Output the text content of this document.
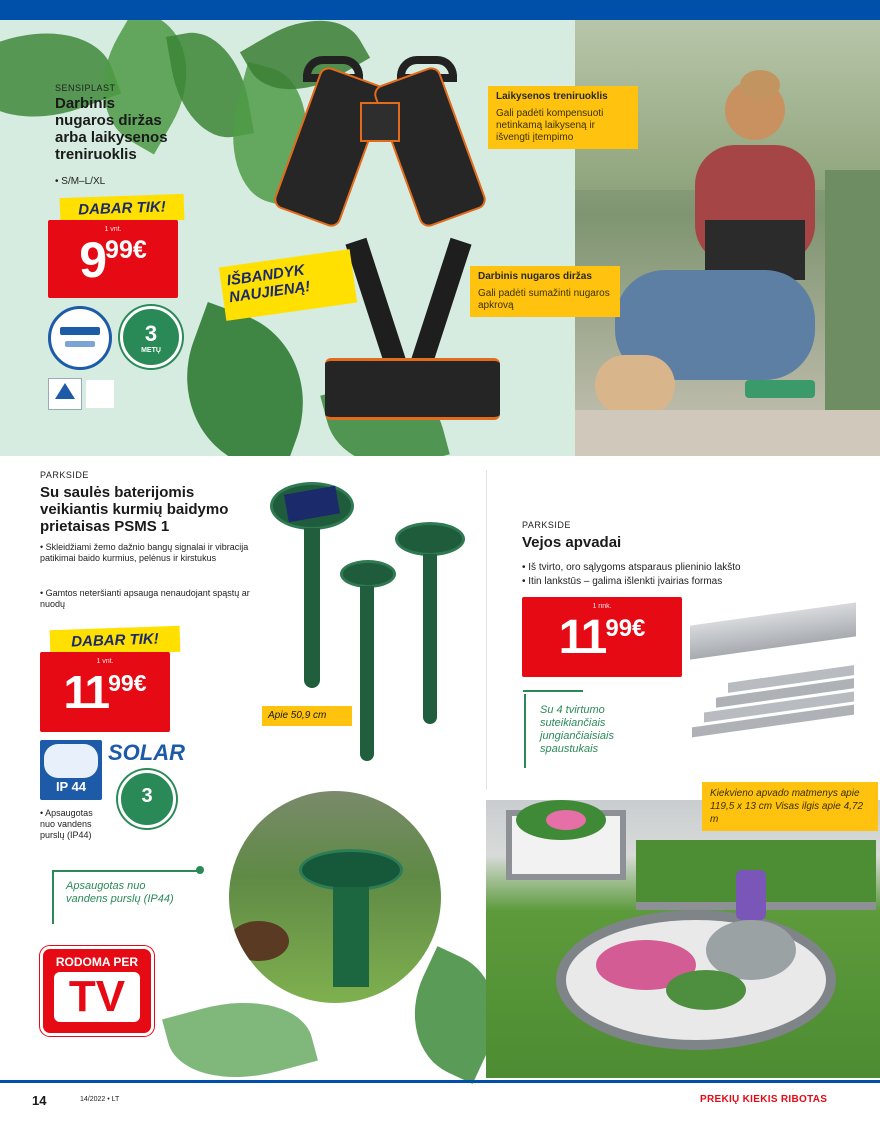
SENSIPLAST
Darbinis
nugaros diržas
arba laikysenos
treniruoklis
• S/M–L/XL
DABAR TIK!
1 vnt.
$9^{99€}$
3
METŲ
IŠBANDYK NAUJIENĄ!
Laikysenos treniruoklis
Gali padėti kompensuoti netinkamą laikyseną ir išvengti įtempimo
Darbinis nugaros diržas
Gali padėti sumažinti nugaros apkrovą
PARKSIDE
Su saulės baterijomis
veikiantis kurmių baidymo
prietaisas PSMS 1
• Skleidžiami žemo dažnio bangų signalai ir vibracija patikimai baido kurmius, pelėnus ir kirstukus
• Gamtos neteršianti apsauga nenaudojant spąstų ar nuodų
DABAR TIK!
1 vnt.
$11^{99€}$
IP 44
SOLAR
3
• Apsaugotas nuo vandens purslų (IP44)
Apie 50,9 cm
Apsaugotas nuo vandens purslų (IP44)
RODOMA PER
TV
PARKSIDE
Vejos apvadai
• Iš tvirto, oro sąlygoms atsparaus plieninio lakšto
• Itin lankstūs – galima išlenkti įvairias formas
1 rink.
$11^{99€}$
Su 4 tvirtumo suteikiančiais jungiančiaisiais spaustukais
Kiekvieno apvado matmenys apie 119,5 x 13 cm Visas ilgis apie 4,72 m
14	14/2022 • LT	PREKIŲ KIEKIS RIBOTAS
